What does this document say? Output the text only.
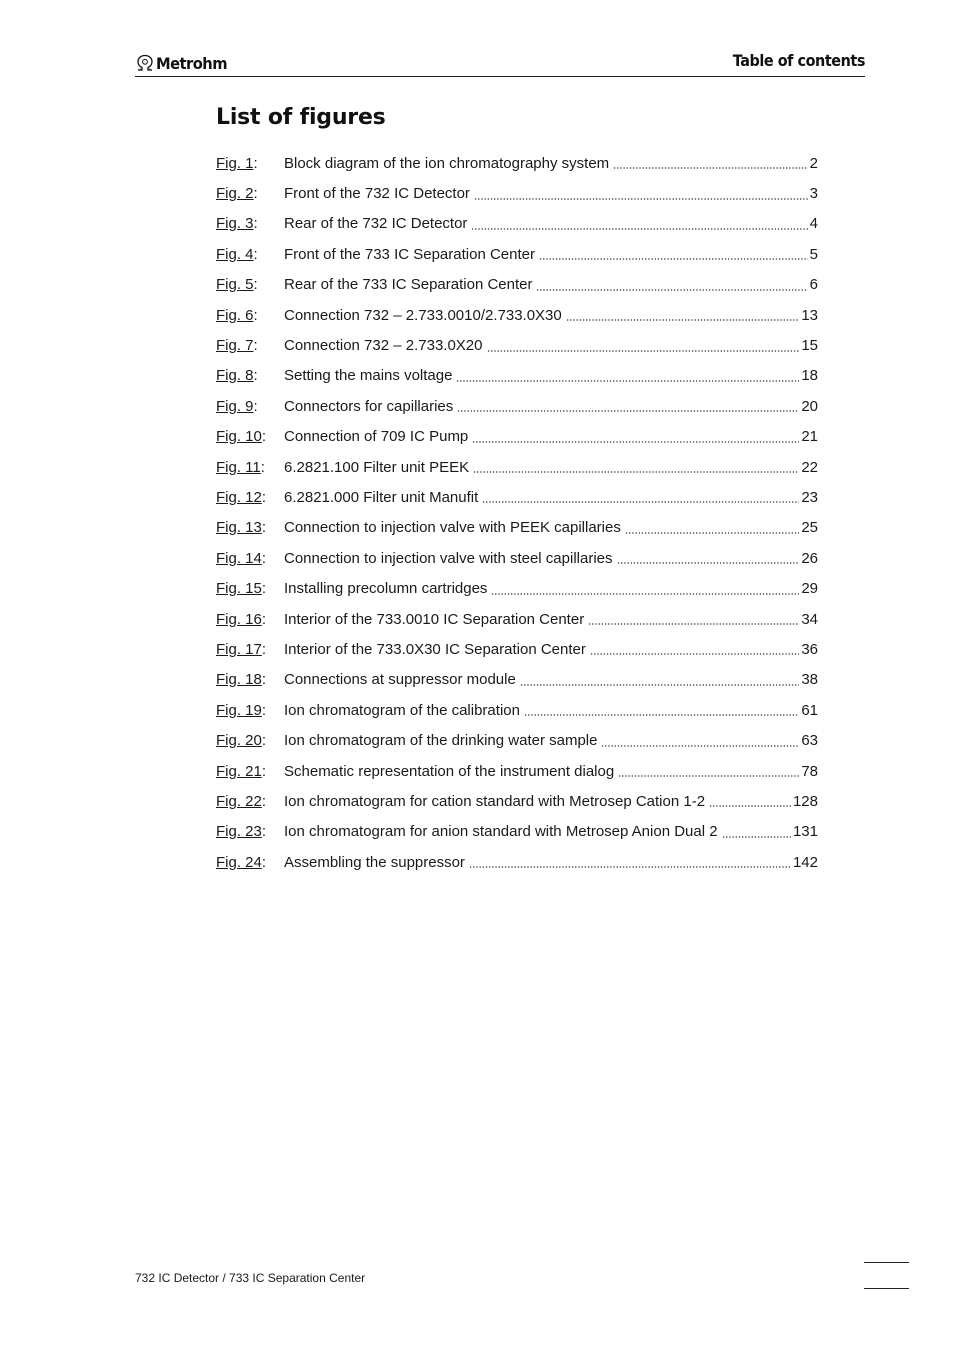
Metrohm	Table of contents
List of figures
Fig. 1:	Block diagram of the ion chromatography system	2
Fig. 2:	Front of the 732 IC Detector	3
Fig. 3:	Rear of the 732 IC Detector	4
Fig. 4:	Front of the 733 IC Separation Center	5
Fig. 5:	Rear of the 733 IC Separation Center	6
Fig. 6:	Connection 732 – 2.733.0010/2.733.0X30	13
Fig. 7:	Connection 732 – 2.733.0X20	15
Fig. 8:	Setting the mains voltage	18
Fig. 9:	Connectors for capillaries	20
Fig. 10:	Connection of 709 IC Pump	21
Fig. 11:	6.2821.100 Filter unit PEEK	22
Fig. 12:	6.2821.000 Filter unit Manufit	23
Fig. 13:	Connection to injection valve with PEEK capillaries	25
Fig. 14:	Connection to injection valve with steel capillaries	26
Fig. 15:	Installing precolumn cartridges	29
Fig. 16:	Interior of the 733.0010 IC Separation Center	34
Fig. 17:	Interior of the 733.0X30 IC Separation Center	36
Fig. 18:	Connections at suppressor module	38
Fig. 19:	Ion chromatogram of the calibration	61
Fig. 20:	Ion chromatogram of the drinking water sample	63
Fig. 21:	Schematic representation of the instrument dialog	78
Fig. 22:	Ion chromatogram for cation standard with Metrosep Cation 1-2	128
Fig. 23:	Ion chromatogram for anion standard with Metrosep Anion Dual 2	131
Fig. 24:	Assembling the suppressor	142
732 IC Detector / 733 IC Separation Center
